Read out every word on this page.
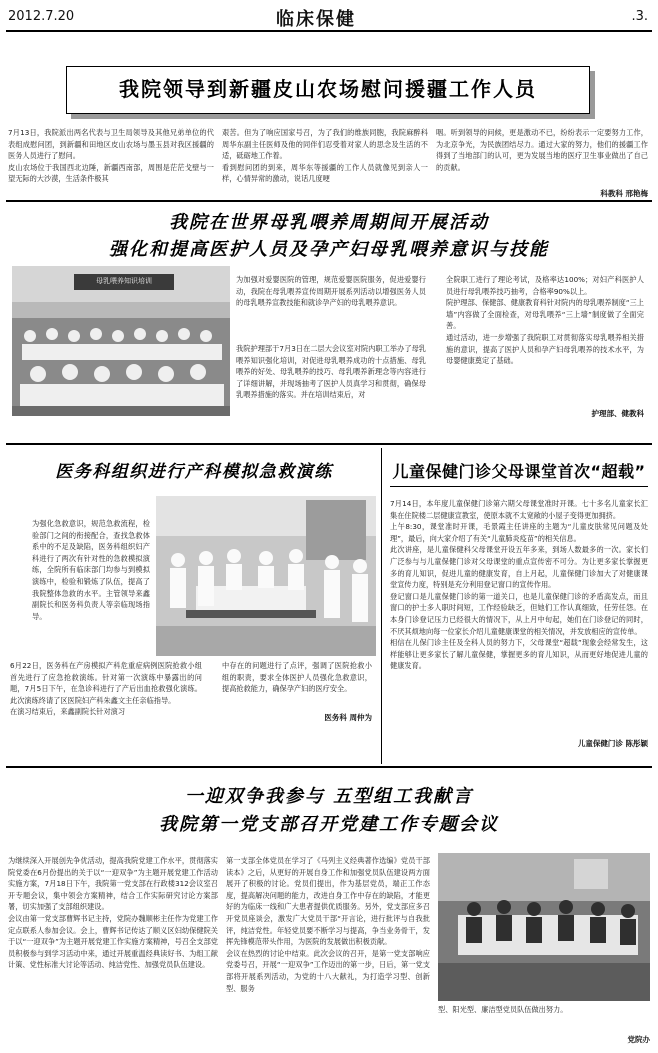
2012.7.20	临床保健	.3.
我院领导到新疆皮山农场慰问援疆工作人员
7月13日，我院派出两名代表与卫生局领导及其他兄弟单位的代表组成慰问团，到新疆和田地区皮山农场与墨玉县对我区援疆的医务人员进行了慰问。
皮山农场位于我国西北边陲，新疆西南部，周围是茫茫戈壁与一望无际的大沙漠，生活条件极其
艰苦。但为了响应国家号召，为了我们的维族同胞，我院麻醉科周华东副主任医师及他的同伴们忍受着对家人的思念及生活的不适，砥砺地工作着。
看到慰问团的到来，周华东等援疆的工作人员就像见到亲人一样，心情异常的激动，说话几度哽
咽。听到领导的问候，更是激动不已，纷纷表示一定要努力工作，为北京争光，为民族团结尽力。通过大家的努力，他们的援疆工作得到了当地部门的认可，更为发展当地的医疗卫生事业做出了自己的贡献。
科教科 邢艳梅
我院在世界母乳喂养周期间开展活动
强化和提高医护人员及孕产妇母乳喂养意识与技能
母乳喂养知识培训	为加强对爱婴医院的管理，规范爱婴医院服务，促进爱婴行动，我院在母乳喂养宣传周期开展系列活动以增强医务人员的母乳喂养宣教技能和就诊孕产妇的母乳喂养意识。
我院护理部于7月3日在二层大会议室对院内职工举办了母乳喂养知识强化培训，对促进母乳喂养成功的十点措施、母乳喂养的好处、母乳喂养的技巧、母乳喂养新理念等内容进行了详细讲解，并现场抽考了医护人员真学习和贯彻，确保母乳喂养措施的落实。并在培训结束后，对
全院职工进行了理论考试，及格率达100%；对妇产科医护人员进行母乳喂养技巧抽考，合格率90%以上。
院护理部、保健部、健康教育科针对院内的母乳喂养制度“三上墙”内容做了全面检查，对母乳喂养“三上墙”制度做了全面完善。
通过活动，进一步增强了我院职工对贯彻落实母乳喂养相关措施的意识，提高了医护人员和孕产妇母乳喂养的技术水平，为母婴健康奠定了基础。
护理部、健教科
医务科组织进行产科模拟急救演练
为强化急救意识，规范急救流程，检验部门之间的衔接配合，查找急救体系中的不足及缺陷，医务科组织妇产科进行了两次有针对性的急救模拟演练，全院所有临床部门均参与到模拟演练中，检验和锻炼了队伍，提高了我院整体急救的水平。主管领导来鑫副院长和医务科负责人等亲临现场指导。
6月22日，医务科在产房模拟产科危重症病例医院抢救小组首先进行了应急抢救演练。针对第一次演练中暴露出的问题，7月5日下午，在急诊科进行了产后出血抢救强化演练。此次演练终请了区医院妇产科朱鑫文主任亲临指导。
在演习结束后，来鑫副院长针对演习
中存在的问题进行了点评，强调了医院抢救小组的职责，要求全体医护人员强化急救意识，提高抢救能力，确保孕产妇的医疗安全。
医务科 周仲为
儿童保健门诊父母课堂首次“超载”
7月14日，本年度儿童保健门诊第六期父母课堂准时开课。七十多名儿童家长汇集在住院楼二层健康宣教室，使原本就不太宽敞的小屋子变得更加拥挤。
上午8:30，课堂准时开课，毛景霞主任讲座的主题为“儿童皮肤常见问题及处理”，最后，向大家介绍了有关“儿童肺炎疫苗”的相关信息。
此次讲座，是儿童保健科父母课堂开设五年多来，到场人数最多的一次。家长们广泛参与与儿童保健门诊对父母课堂的重点宣传密不可分。为让更多家长掌握更多的育儿知识，促进儿童的健康发育，自上月起，儿童保健门诊加大了对健康课堂宣传力度，特别是充分利用登记窗口的宣传作用。
登记窗口是儿童保健门诊的第一道关口，也是儿童保健门诊的矛盾高发点，而且窗口的护士多人职时间短，工作经验缺乏，但她们工作认真细致，任劳任怨。在本身门诊登记压力已经很大的情况下，从上月中旬起，她们在门诊登记的同时，不厌其烦地向每一位家长介绍儿童健康课堂的相关情况，并发放相应的宣传单。
相信在儿保门诊主任及全科人员的努力下，父母课堂“超载”现象会经常发生，这样能够让更多家长了解儿童保健，掌握更多的育儿知识，从而更好地促进儿童的健康发育。
儿童保健门诊 陈彤颖
一迎双争我参与 五型组工我献言
我院第一党支部召开党建工作专题会议
为继续深入开展创先争优活动，提高我院党建工作水平，贯彻落实院党委在6月份提出的关于以“一迎双争”为主题开展党建工作活动实施方案，7月18日下午，我院第一党支部在行政楼312会议室召开专题会议，集中领会方案精神，结合工作实际研究讨论方案部署，切实加强了支部组织建设。
会议由第一党支部曹辉书记主持，党院办魏顺彬主任作为党建工作定点联系人参加会议。会上，曹辉书记传达了顺义区妇幼保健院关于以“一迎双争”为主题开展党建工作实施方案精神，号召全支部党员积极参与到学习活动中来，通过开展重温经典读好书、为组工献计策、党性标准大讨论等活动、纯洁党性、加强党员队伍建设。
第一支部全体党员在学习了《马列主义经典著作选编》党员干部读本》之后，从更好的开展自身工作和加强党员队伍建设两方面展开了积极的讨论。党员们提出，作为基层党员，端正工作态度，提高解决问题的能力，改进自身工作中存在的缺陷，才能更好的为临床一线和广大患者提供优质服务。另外，党支部应多召开党员座谈会，激发广大党员干部“开言论，进行批评与自我批评，纯洁党性。年轻党员要不断学习与提高，争当业务骨干，发挥先锋模范带头作用，为医院的发展做出积极贡献。
会议在热烈的讨论中结束。此次会议的召开，是第一党支部响应党委号召，开展“一迎双争”工作迈出的第一步，日后，第一党支部将开展系列活动，为党的十八大献礼，为打造学习型、创新型、服务
型、阳光型、廉洁型党员队伍做出努力。
党院办
